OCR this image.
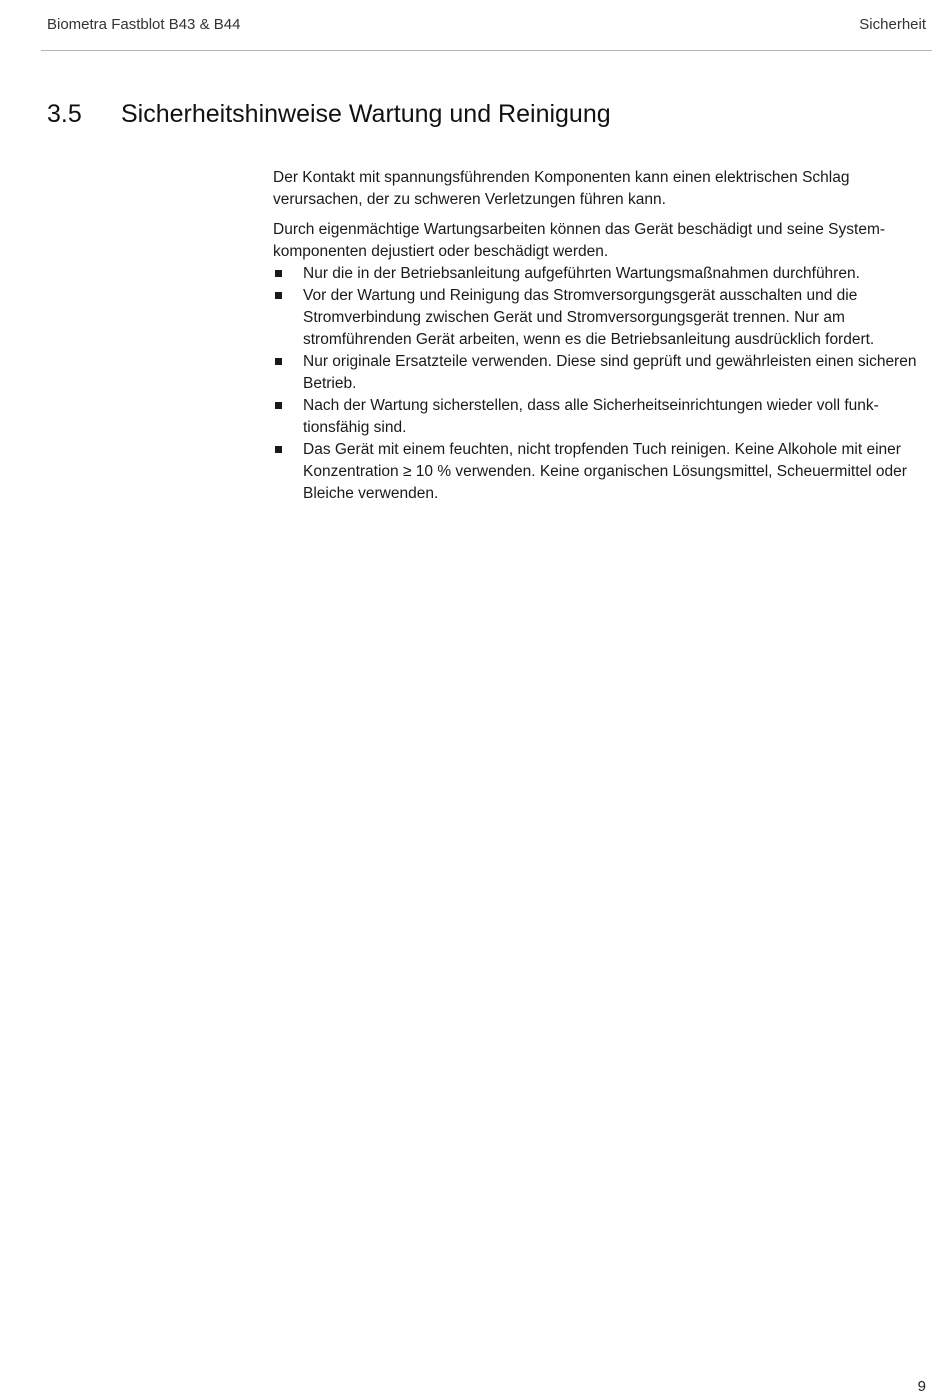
Biometra Fastblot B43 & B44	Sicherheit
3.5 Sicherheitshinweise Wartung und Reinigung

Der Kontakt mit spannungsführenden Komponenten kann einen elektrischen Schlag verursachen, der zu schweren Verletzungen führen kann.

Durch eigenmächtige Wartungsarbeiten können das Gerät beschädigt und seine Systemkomponenten dejustiert oder beschädigt werden.

Nur die in der Betriebsanleitung aufgeführten Wartungsmaßnahmen durchführen.
Vor der Wartung und Reinigung das Stromversorgungsgerät ausschalten und die Stromverbindung zwischen Gerät und Stromversorgungsgerät trennen. Nur am stromführenden Gerät arbeiten, wenn es die Betriebsanleitung ausdrücklich fordert.
Nur originale Ersatzteile verwenden. Diese sind geprüft und gewährleisten einen sicheren Betrieb.
Nach der Wartung sicherstellen, dass alle Sicherheitseinrichtungen wieder voll funktionsfähig sind.
Das Gerät mit einem feuchten, nicht tropfenden Tuch reinigen. Keine Alkohole mit einer Konzentration ≥ 10 % verwenden. Keine organischen Lösungsmittel, Scheuermittel oder Bleiche verwenden.
9
